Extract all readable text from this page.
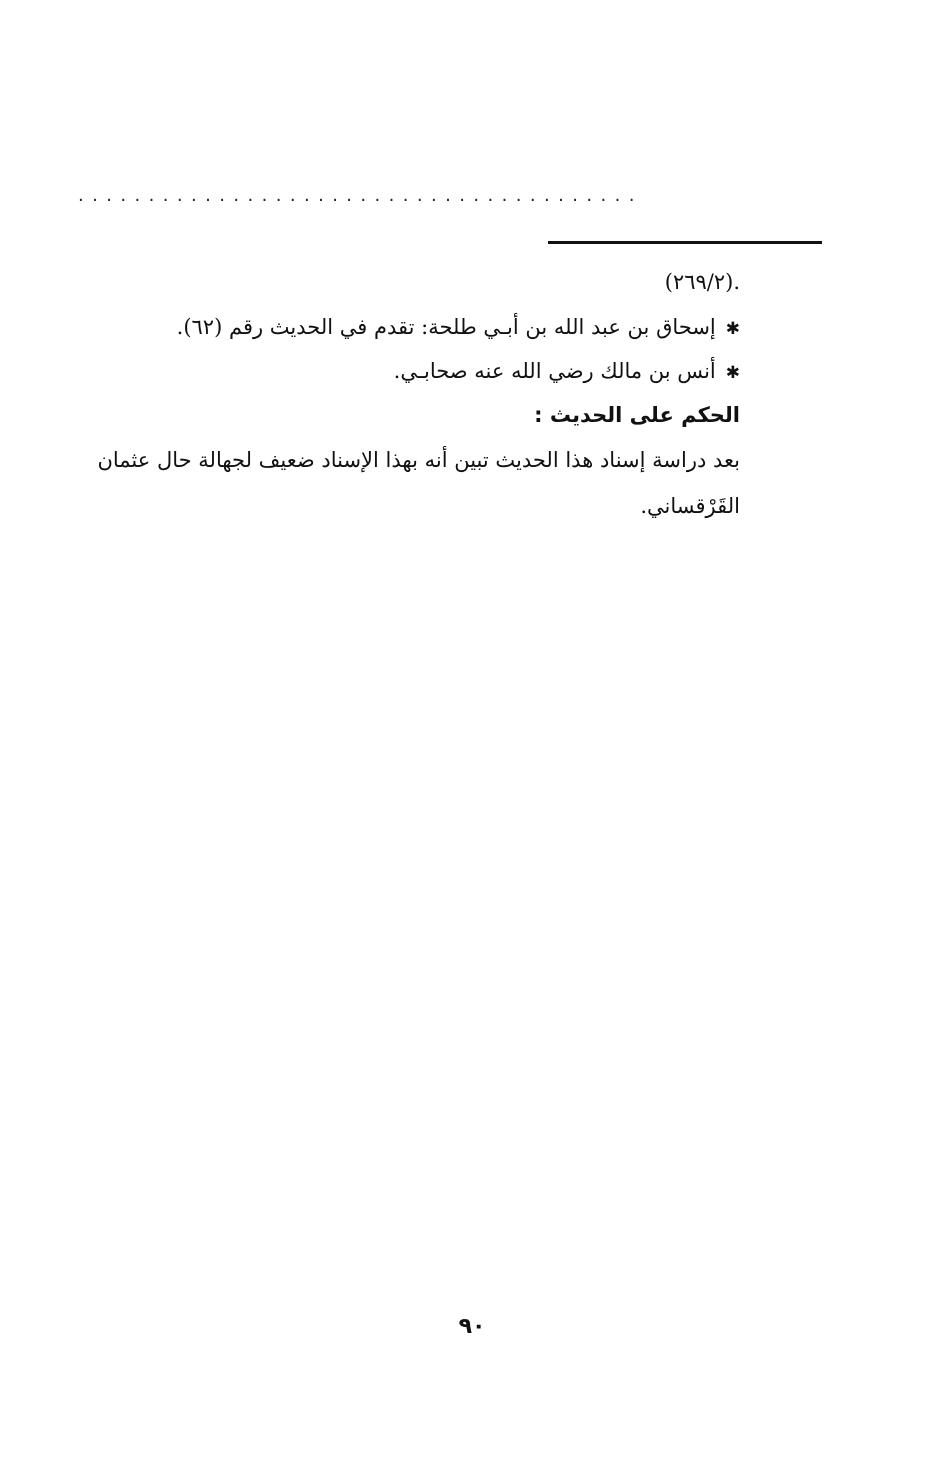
........................................
.(٢٦٩/٢)
✱إسحاق بن عبد الله بن أبـي طلحة: تقدم في الحديث رقم (٦٢).
✱أنس بن مالك رضي الله عنه صحابـي.
الحكم على الحديث :
بعد دراسة إسناد هذا الحديث تبين أنه بهذا الإسناد ضعيف لجهالة حال عثمان
القَرْقساني.
٩٠
